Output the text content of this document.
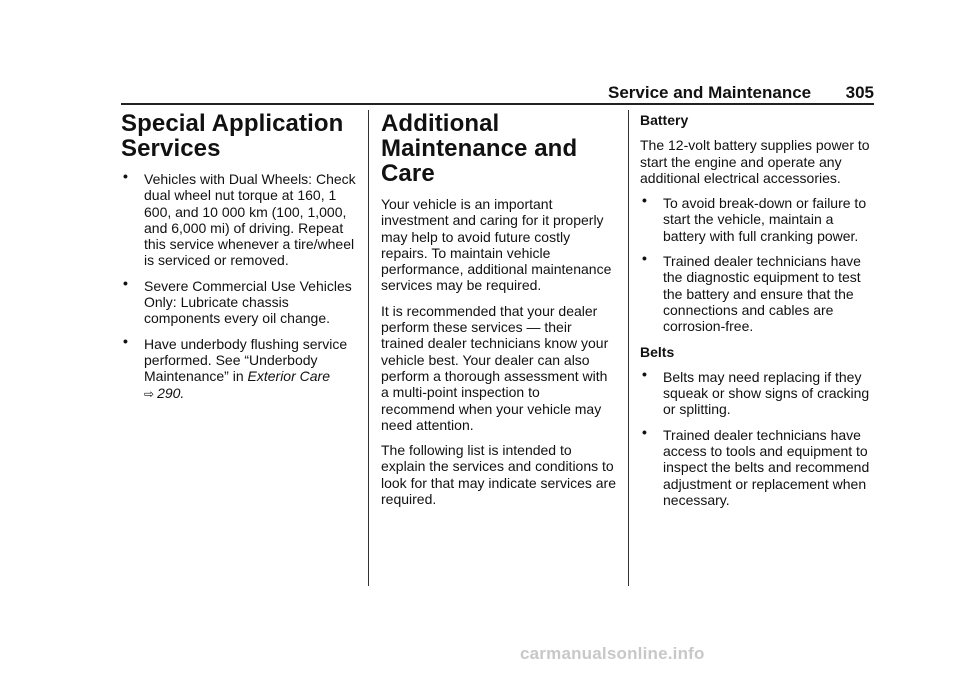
Service and Maintenance 305
Special Application Services
• Vehicles with Dual Wheels: Check dual wheel nut torque at 160, 1 600, and 10 000 km (100, 1,000, and 6,000 mi) of driving. Repeat this service whenever a tire/wheel is serviced or removed.
• Severe Commercial Use Vehicles Only: Lubricate chassis components every oil change.
• Have underbody flushing service performed. See “Underbody Maintenance” in Exterior Care
⇨ 290.
Additional Maintenance and Care

Your vehicle is an important investment and caring for it properly may help to avoid future costly repairs. To maintain vehicle performance, additional maintenance services may be required.

It is recommended that your dealer perform these services — their trained dealer technicians know your vehicle best. Your dealer can also perform a thorough assessment with a multi-point inspection to recommend when your vehicle may need attention.

The following list is intended to explain the services and conditions to look for that may indicate services are required.

Battery

The 12-volt battery supplies power to start the engine and operate any additional electrical accessories.

• To avoid break-down or failure to start the vehicle, maintain a battery with full cranking power.
• Trained dealer technicians have the diagnostic equipment to test the battery and ensure that the connections and cables are corrosion-free.
Belts
• Belts may need replacing if they squeak or show signs of cracking or splitting.
• Trained dealer technicians have access to tools and equipment to inspect the belts and recommend adjustment or replacement when necessary.
carmanualsonline.info
